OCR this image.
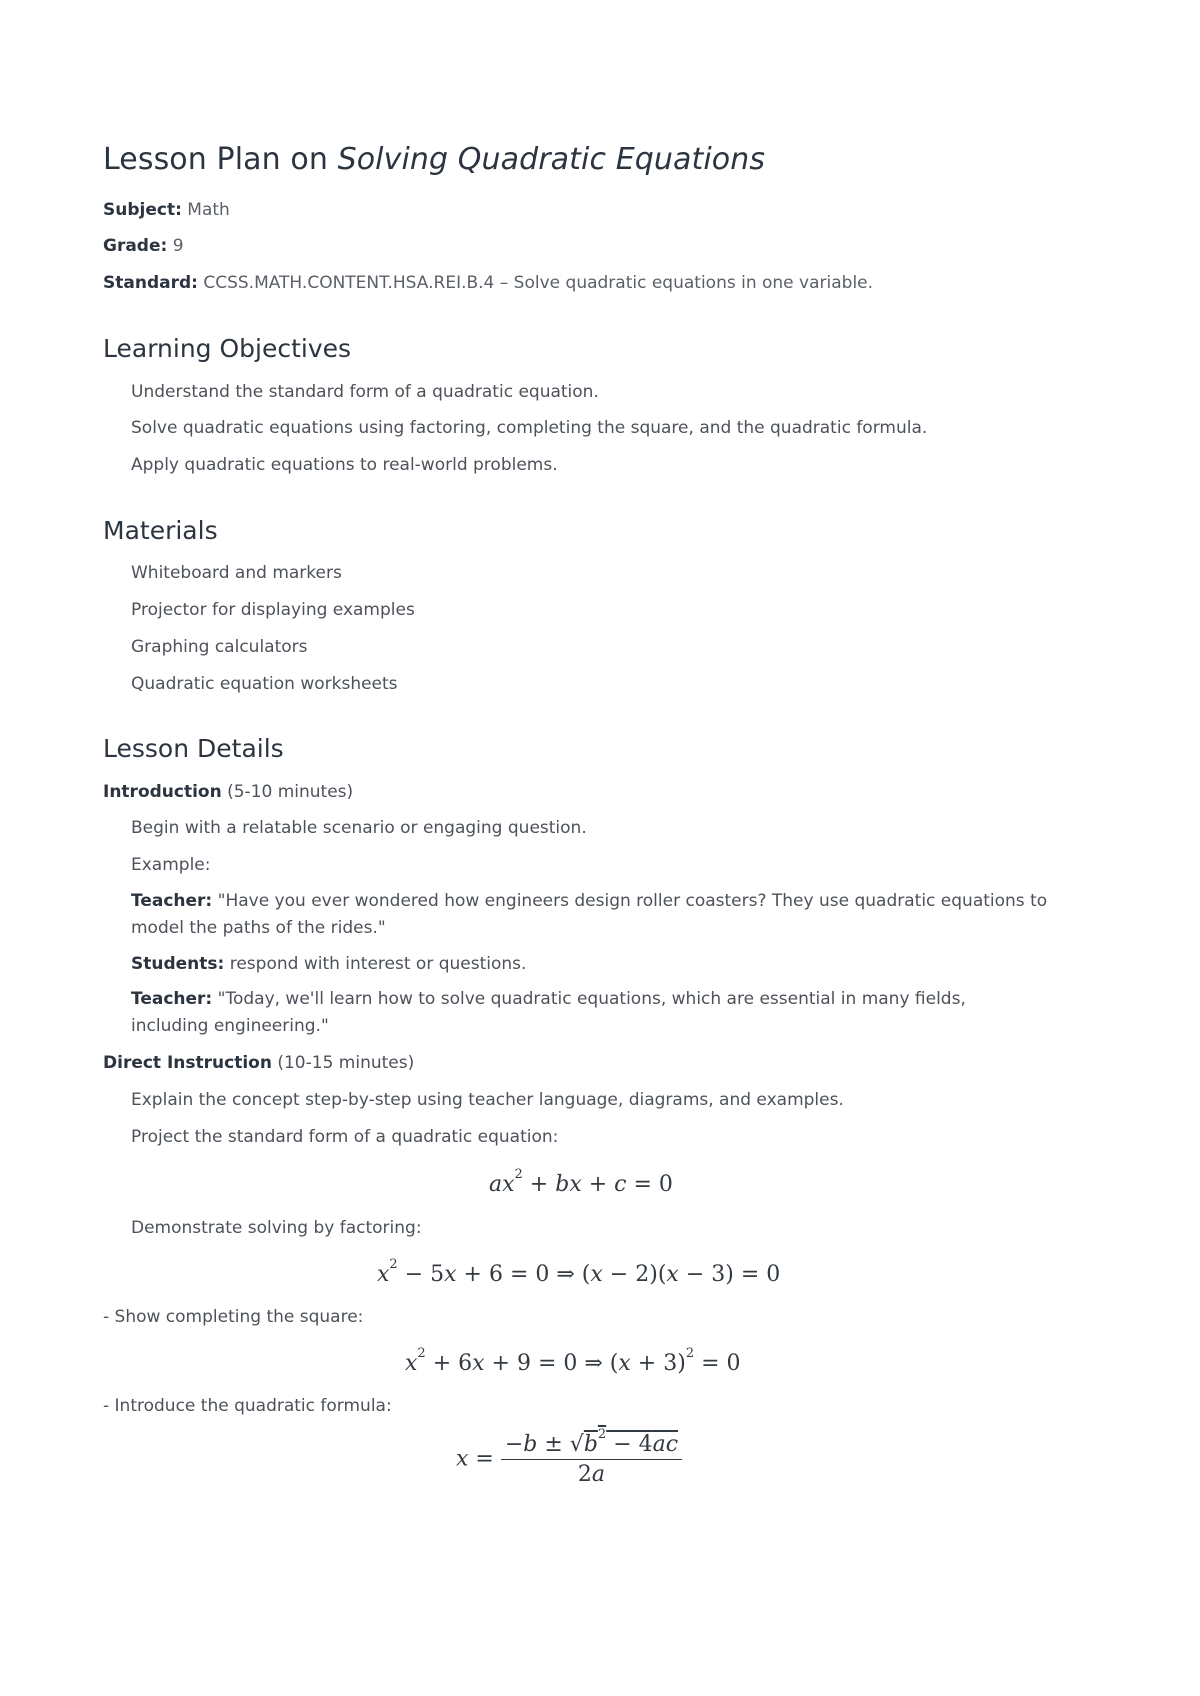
Lesson Plan on Solving Quadratic Equations
Subject: Math
Grade: 9
Standard: CCSS.MATH.CONTENT.HSA.REI.B.4 – Solve quadratic equations in one variable.
Learning Objectives
Understand the standard form of a quadratic equation.
Solve quadratic equations using factoring, completing the square, and the quadratic formula.
Apply quadratic equations to real-world problems.
Materials
Whiteboard and markers
Projector for displaying examples
Graphing calculators
Quadratic equation worksheets
Lesson Details
Introduction (5-10 minutes)
Begin with a relatable scenario or engaging question.
Example:
Teacher: "Have you ever wondered how engineers design roller coasters? They use quadratic equations to model the paths of the rides."
Students: respond with interest or questions.
Teacher: "Today, we'll learn how to solve quadratic equations, which are essential in many fields, including engineering."
Direct Instruction (10-15 minutes)
Explain the concept step-by-step using teacher language, diagrams, and examples.
Project the standard form of a quadratic equation:
$ax^2$ + bx + c = 0
Demonstrate solving by factoring:
$x^2 - 5x + 6 = 0$ ⇒ (x − 2)(x − 3) = 0
- Show completing the square:
$x^2 + 6x + 9 = 0$ ⇒ $(x + 3)^2 = 0$
- Introduce the quadratic formula:
$x = \frac{-b \pm √b^2 - 4ac}{2a}$
